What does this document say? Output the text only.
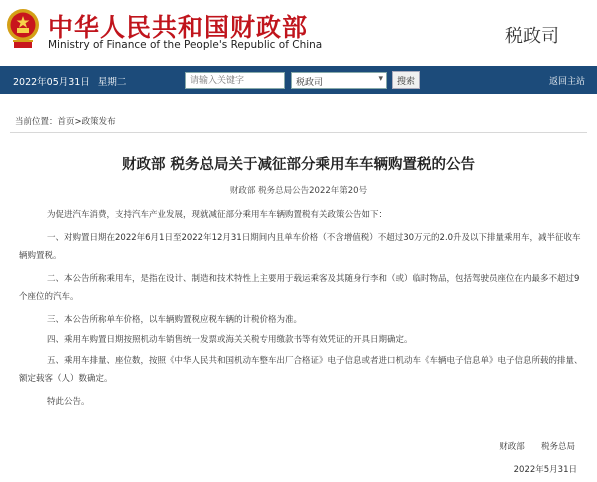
中华人民共和国财政部
Ministry of Finance of the People's Republic of China	税政司
2022年05月31日 星期二
请输入关键字	税政司	▾	搜索	返回主站
当前位置：首页>政策发布
财政部 税务总局关于减征部分乘用车车辆购置税的公告
财政部 税务总局公告2022年第20号

为促进汽车消费，支持汽车产业发展，现就减征部分乘用车车辆购置税有关政策公告如下：

一、对购置日期在2022年6月1日至2022年12月31日期间内且单车价格（不含增值税）不超过30万元的2.0升及以下排量乘用车，减半征收车辆购置税。

二、本公告所称乘用车，是指在设计、制造和技术特性上主要用于载运乘客及其随身行李和（或）临时物品，包括驾驶员座位在内最多不超过9个座位的汽车。

三、本公告所称单车价格，以车辆购置税应税车辆的计税价格为准。

四、乘用车购置日期按照机动车销售统一发票或海关关税专用缴款书等有效凭证的开具日期确定。

五、乘用车排量、座位数，按照《中华人民共和国机动车整车出厂合格证》电子信息或者进口机动车《车辆电子信息单》电子信息所载的排量、额定载客（人）数确定。

特此公告。

财政部      税务总局
2022年5月31日
